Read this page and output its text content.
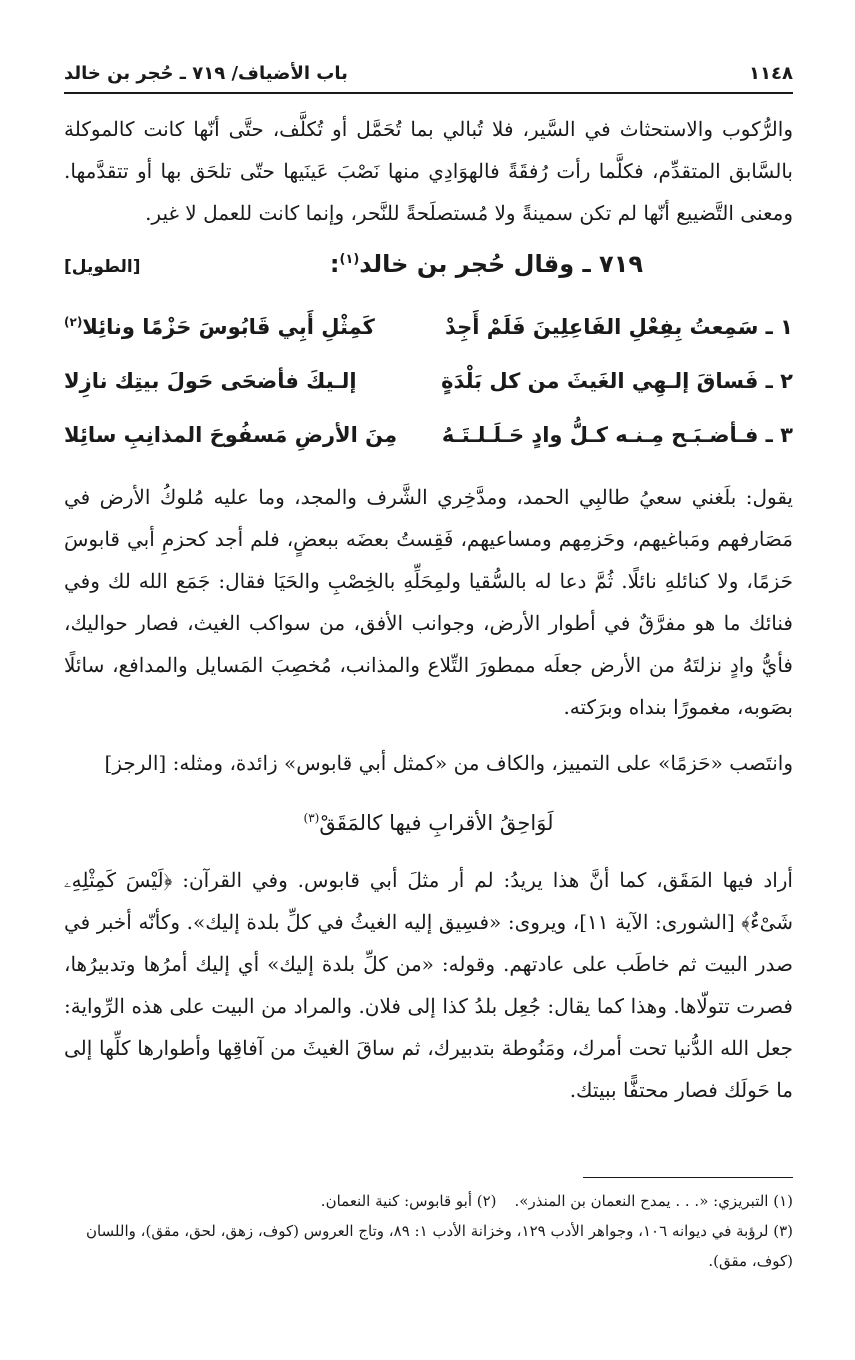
١١٤٨
باب الأضياف/ ٧١٩ ـ حُجر بن خالد

والرُّكوب والاستحثاث في السَّير، فلا تُبالي بما تُحَمَّل أو تُكلَّف، حتَّى أنّها كانت كالموكلة بالسَّابق المتقدِّم، فكلَّما رأت رُفقَةً فالهوَادِي منها نَصْبَ عَينَيها حتّى تلحَق بها أو تتقدَّمها. ومعنى التَّضييع أنّها لم تكن سمينةً ولا مُستصلَحةً للنَّحر، وإنما كانت للعمل لا غير.

٧١٩ ـ وقال حُجر بن خالد$^{(١)}$:
[الطويل]
١ ـ سَمِعتُ بِفِعْلِ الفَاعِلِينَ فَلَمْ أَجِدْ
كَمِثْلِ أَبِي قَابُوسَ حَزْمًا ونائِلا$^{(٢)}$
٢ ـ فَساقَ إلـهِي الغَيثَ من كل بَلْدَةٍ
إلـيكَ فأضحَى حَولَ بيتِك نازِلا
٣ ـ فـأضـبَـح مِـنـه كـلُّ وادٍ حَـلَـلـتَـهُ
مِنَ الأرضِ مَسفُوحَ المذانِبِ سائِلا

يقول: بلَغني سعيُ طالبِي الحمد، ومدَّخِري الشَّرف والمجد، وما عليه مُلوكُ الأرض في مَصَارفهم ومَباغيهم، وحَزمِهم ومساعيهم، فَقِستُ بعضَه ببعضٍ، فلم أجد كحزمِ أبي قابوسَ حَزمًا، ولا كنائلهِ نائلًا. ثُمَّ دعا له بالسُّقيا ولمِحَلِّهِ بالخِصْبِ والحَيَا فقال: جَمَع الله لك وفي فنائك ما هو مفرَّقٌ في أطوار الأرض، وجوانب الأفق، من سواكب الغيث، فصار حواليك، فأيُّ وادٍ نزلتَهُ من الأرض جعلَه ممطورَ التِّلاع والمذانب، مُخصِبَ المَسايل والمدافع، سائلًا بصَوبه، مغمورًا بنداه وبرَكته.

وانتَصب «حَزمًا» على التمييز، والكاف من «كمثل أبي قابوس» زائدة، ومثله: [الرجز]

لَوَاحِقُ الأقرابِ فيها كالمَقَقْ$^{(٣)}$

أراد فيها المَقَق، كما أنَّ هذا يريدُ: لم أر مثلَ أبي قابوس. وفي القرآن: ﴿لَيْسَ كَمِثْلِهِۦ شَىْءٌ﴾ [الشورى: الآية ١١]، ويروى: «فسِيق إليه الغيثُ في كلِّ بلدة إليك». وكأنّه أخبر في صدر البيت ثم خاطَب على عادتهم. وقوله: «من كلِّ بلدة إليك» أي إليك أمرُها وتدبيرُها، فصرت تتولّاها. وهذا كما يقال: جُعِل بلدُ كذا إلى فلان. والمراد من البيت على هذه الرِّواية: جعل الله الدُّنيا تحت أمرك، ومَنُوطة بتدبيرك، ثم ساقَ الغيثَ من آفاقِها وأطوارها كلِّها إلى ما حَولَك فصار محتفًّا ببيتك.

(١) التبريزي: «. . . يمدح النعمان بن المنذر».(٢) أبو قابوس: كنية النعمان.
(٣) لرؤبة في ديوانه ١٠٦، وجواهر الأدب ١٢٩، وخزانة الأدب ١: ٨٩، وتاج العروس (كوف، زهق، لحق، مقق)، واللسان (كوف، مقق).
